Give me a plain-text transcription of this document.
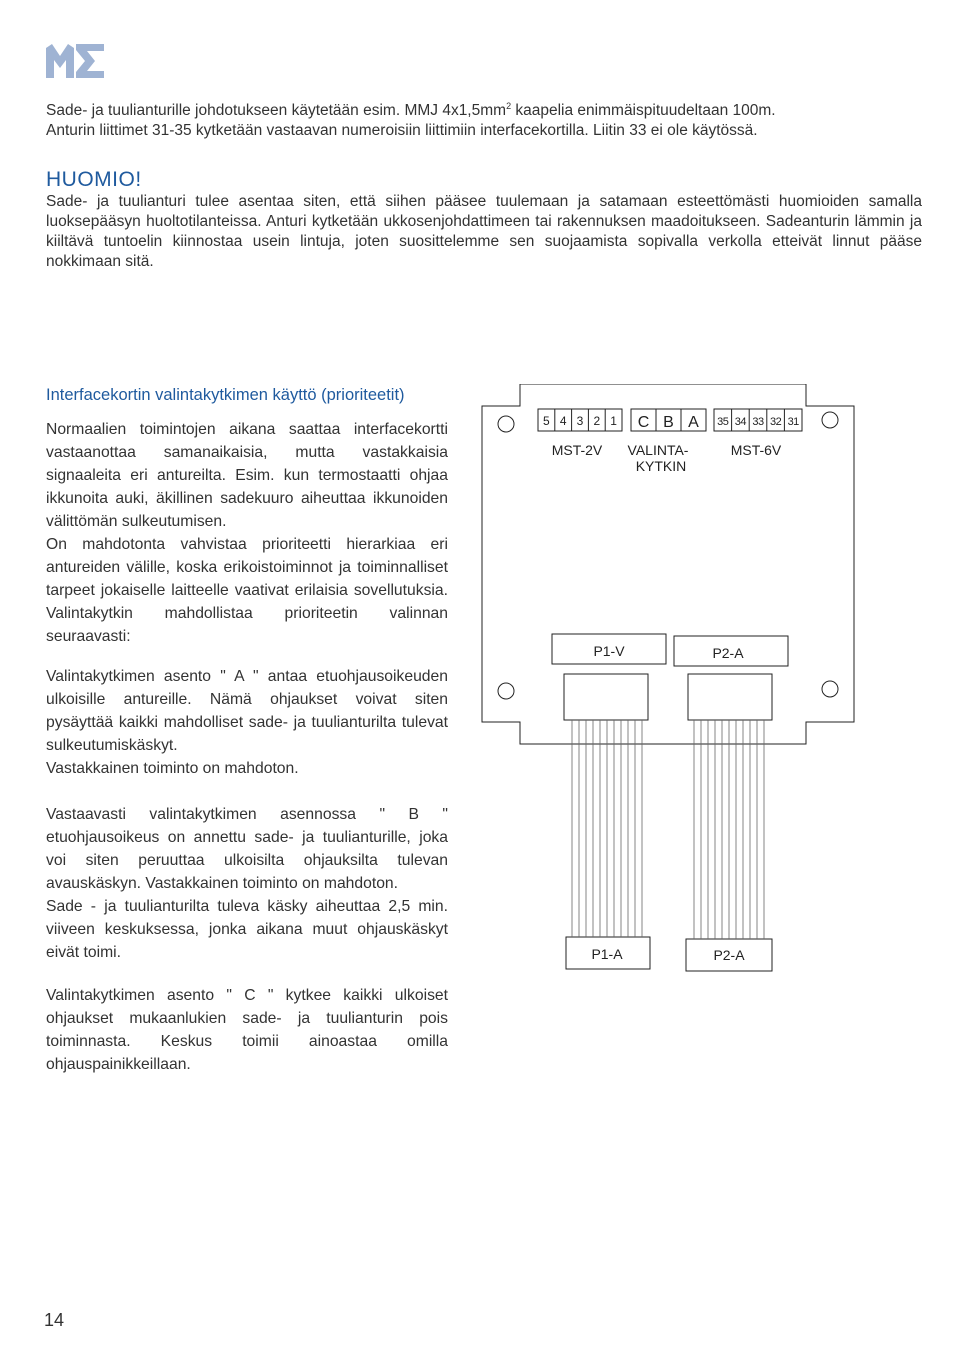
Sade- ja tuulianturille johdotukseen käytetään esim. MMJ $4x1,5mm^2$ kaapelia enimmäispituudeltaan 100m.

Anturin liittimet 31-35 kytketään vastaavan numeroisiin liittimiin interfacekortilla. Liitin 33 ei ole käytössä.

HUOMIO!

Sade- ja tuulianturi tulee asentaa siten, että siihen pääsee tuulemaan ja satamaan esteettömästi huomioiden samalla luoksepääsyn huoltotilanteissa. Anturi kytketään ukkosenjohdattimeen tai rakennuksen maadoitukseen. Sadeanturin lämmin ja kiiltävä tuntoelin kiinnostaa usein lintuja, joten suosittelemme sen suojaamista sopivalla verkolla etteivät linnut pääse nokkimaan sitä.

Interfacekortin valintakytkimen käyttö (prioriteetit)

Normaalien toimintojen aikana saattaa interfacekortti vastaanottaa samanaikaisia, mutta vastakkaisia signaaleita eri antureilta. Esim. kun termostaatti ohjaa ikkunoita auki, äkillinen sadekuuro aiheuttaa ikkunoiden välittömän sulkeutumisen.

On mahdotonta vahvistaa prioriteetti hierarkiaa eri antureiden välille, koska erikoistoiminnot ja toiminnalliset tarpeet jokaiselle laitteelle vaativat erilaisia sovellutuksia. Valintakytkin mahdollistaa prioriteetin valinnan seuraavasti:

Valintakytkimen asento " A " antaa etuohjausoikeuden ulkoisille antureille. Nämä ohjaukset voivat siten pysäyttää kaikki mahdolliset sade- ja tuulianturilta tulevat sulkeutumiskäskyt.

Vastakkainen toiminto on mahdoton.

Vastaavasti valintakytkimen asennossa " B " etuohjausoikeus on annettu sade- ja tuulianturille, joka voi siten peruuttaa ulkoisilta ohjauksilta tulevan avauskäskyn. Vastakkainen toiminto on mahdoton.

Sade - ja tuulianturilta tuleva käsky aiheuttaa 2,5 min. viiveen keskuksessa, jonka aikana muut ohjauskäskyt eivät toimi.

Valintakytkimen asento " C " kytkee kaikki ulkoiset ohjaukset mukaanlukien sade- ja tuulianturin pois toiminnasta. Keskus toimii ainoastaa omilla ohjauspainikkeillaan.

5 4 3 2 1 C B A 35 34 33 32 31
MST-2V VALINTA-
KYTKIN
MST-6V
P1-V	P2-A
P1-A	P2-A
14
